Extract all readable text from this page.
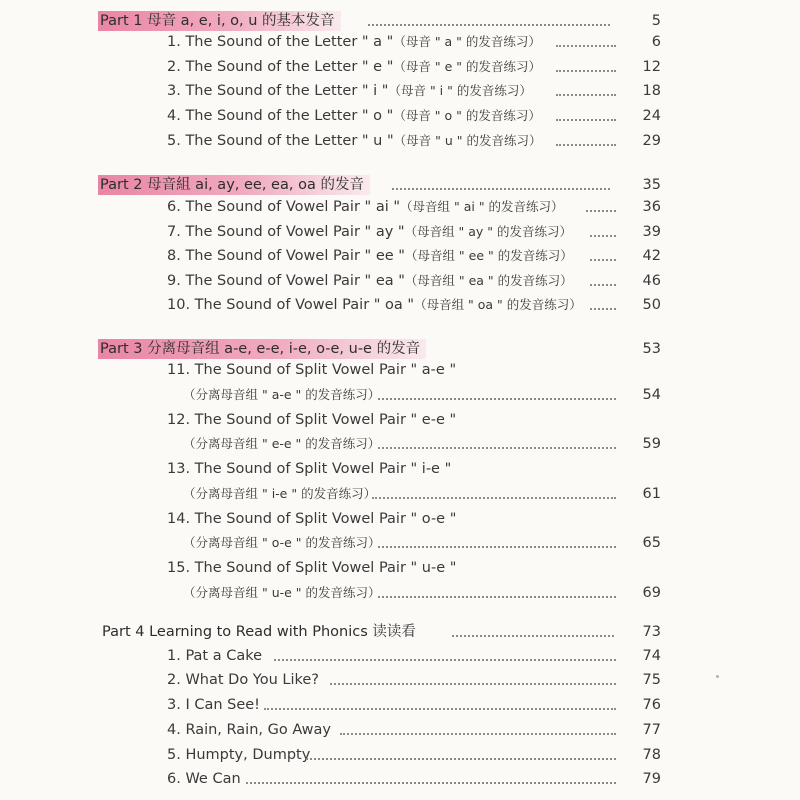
Part 1 母音 a, e, i, o, u 的基本发音	5
1. The Sound of the Letter " a "（母音 " a " 的发音练习）	6
2. The Sound of the Letter " e "（母音 " e " 的发音练习）	12
3. The Sound of the Letter " i "（母音 " i " 的发音练习）	18
4. The Sound of the Letter " o "（母音 " o " 的发音练习）	24
5. The Sound of the Letter " u "（母音 " u " 的发音练习）	29
Part 2 母音組 ai, ay, ee, ea, oa 的发音	35
6. The Sound of Vowel Pair " ai "（母音组 " ai " 的发音练习）	36
7. The Sound of Vowel Pair " ay "（母音组 " ay " 的发音练习）	39
8. The Sound of Vowel Pair " ee "（母音组 " ee " 的发音练习）	42
9. The Sound of Vowel Pair " ea "（母音组 " ea " 的发音练习）	46
10. The Sound of Vowel Pair " oa "（母音组 " oa " 的发音练习）	50
Part 3 分离母音组 a-e, e-e, i-e, o-e, u-e 的发音	53
11. The Sound of Split Vowel Pair " a-e "
（分离母音组 " a-e " 的发音练习）	54
12. The Sound of Split Vowel Pair " e-e "
（分离母音组 " e-e " 的发音练习）	59
13. The Sound of Split Vowel Pair " i-e "
（分离母音组 " i-e " 的发音练习）	61
14. The Sound of Split Vowel Pair " o-e "
（分离母音组 " o-e " 的发音练习）	65
15. The Sound of Split Vowel Pair " u-e "
（分离母音组 " u-e " 的发音练习）	69
Part 4 Learning to Read with Phonics 读读看	73
1. Pat a Cake	74
2. What Do You Like?	75
3. I Can See!	76
4. Rain, Rain, Go Away	77
5. Humpty, Dumpty	78
6. We Can	79
